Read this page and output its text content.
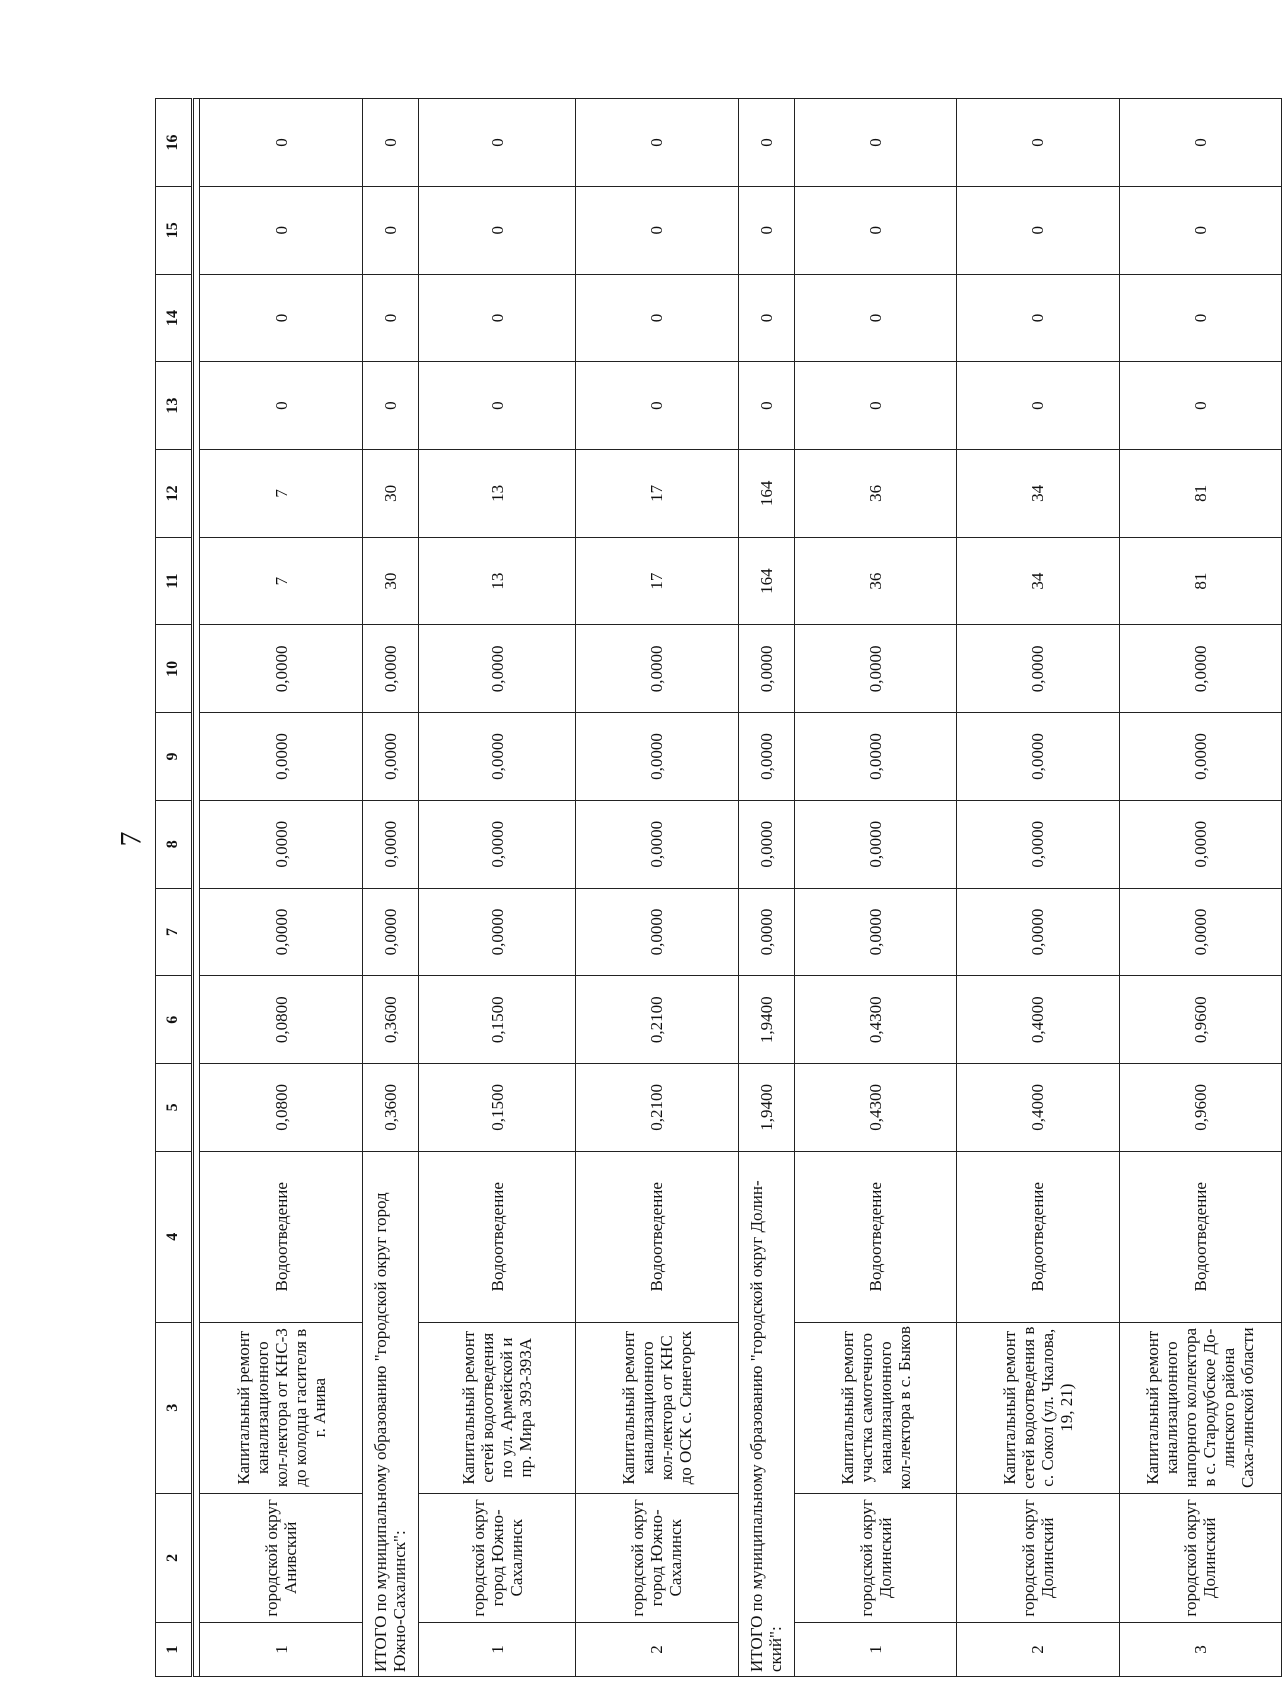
7
1	2	3	4	5	6	7	8	9	10	11	12	13	14	15	16

1	городской округ Анивский	Капитальный ремонт канализационного кол-лектора от КНС-3 до колодца гасителя в г. Анива	Водоотведение	0,0800	0,0800	0,0000	0,0000	0,0000	0,0000	7	7	0	0	0	0
ИТОГО по муниципальному образованию "городской округ город Южно-Сахалинск":				0,3600	0,3600	0,0000	0,0000	0,0000	0,0000	30	30	0	0	0	0
1	городской округ город Южно-Сахалинск	Капитальный ремонт сетей водоотведения по ул. Армейской и пр. Мира 393-393А	Водоотведение	0,1500	0,1500	0,0000	0,0000	0,0000	0,0000	13	13	0	0	0	0
2	городской округ город Южно-Сахалинск	Капитальный ремонт канализационного кол-лектора от КНС до ОСК с. Синегорск	Водоотведение	0,2100	0,2100	0,0000	0,0000	0,0000	0,0000	17	17	0	0	0	0
ИТОГО по муниципальному образованию "городской округ Долин-ский":				1,9400	1,9400	0,0000	0,0000	0,0000	0,0000	164	164	0	0	0	0
1	городской округ Долинский	Капитальный ремонт участка самотечного канализационного кол-лектора в с. Быков	Водоотведение	0,4300	0,4300	0,0000	0,0000	0,0000	0,0000	36	36	0	0	0	0
2	городской округ Долинский	Капитальный ремонт сетей водоотведения в с. Сокол (ул. Чкалова, 19, 21)	Водоотведение	0,4000	0,4000	0,0000	0,0000	0,0000	0,0000	34	34	0	0	0	0
3	городской округ Долинский	Капитальный ремонт канализационного напорного коллектора в с. Стародубское До-линского района Саха-линской области	Водоотведение	0,9600	0,9600	0,0000	0,0000	0,0000	0,0000	81	81	0	0	0	0
